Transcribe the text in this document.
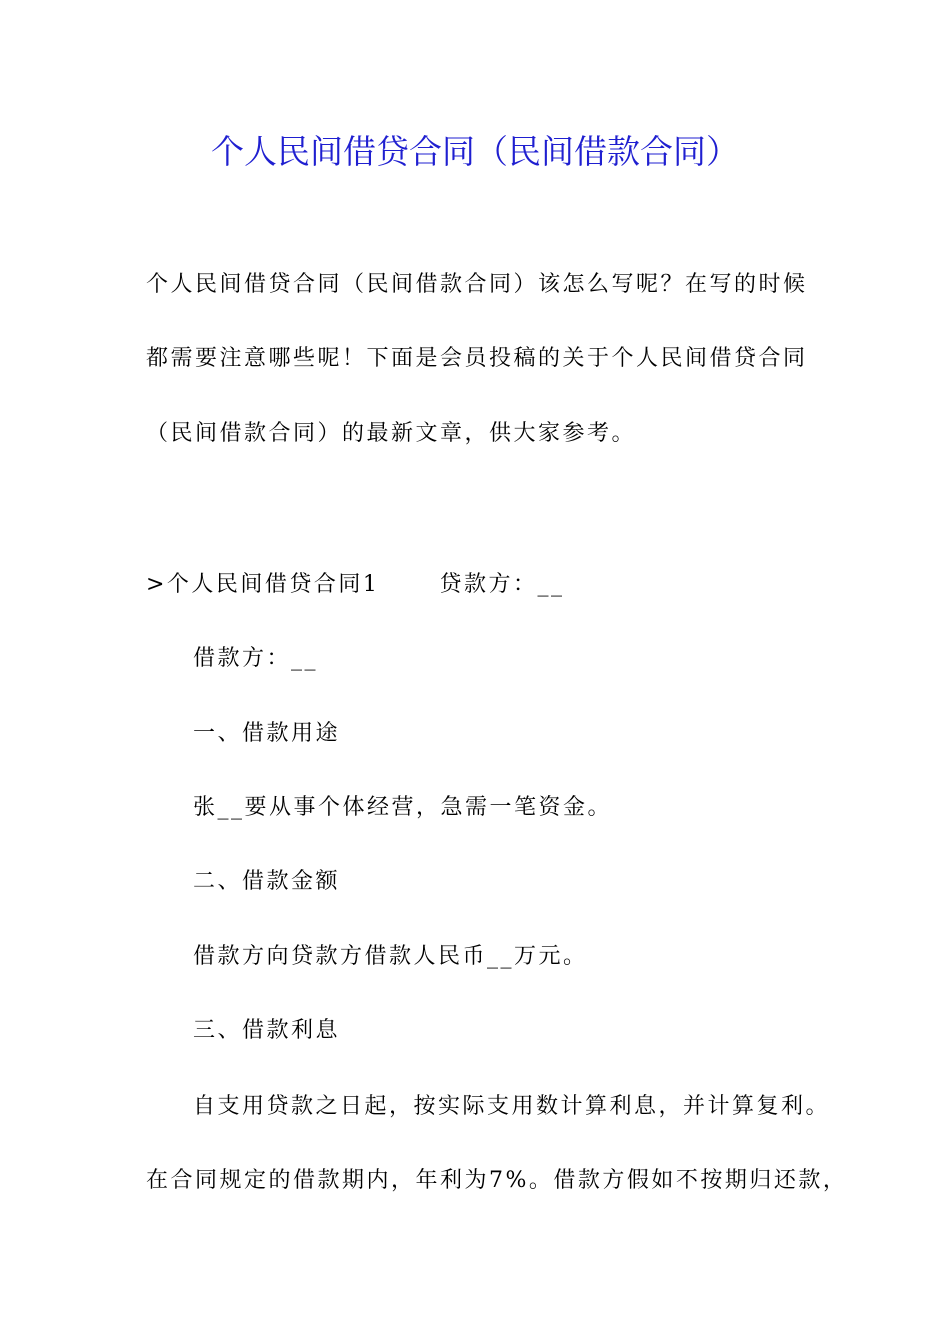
个人民间借贷合同（民间借款合同）
个人民间借贷合同（民间借款合同）该怎么写呢？在写的时候
都需要注意哪些呢！下面是会员投稿的关于个人民间借贷合同
（民间借款合同）的最新文章，供大家参考。
>个人民间借贷合同1	贷款方：__
借款方：__
一、借款用途
张__要从事个体经营，急需一笔资金。
二、借款金额
借款方向贷款方借款人民币__万元。
三、借款利息
自支用贷款之日起，按实际支用数计算利息，并计算复利。
在合同规定的借款期内，年利为7%。借款方假如不按期归还款，
